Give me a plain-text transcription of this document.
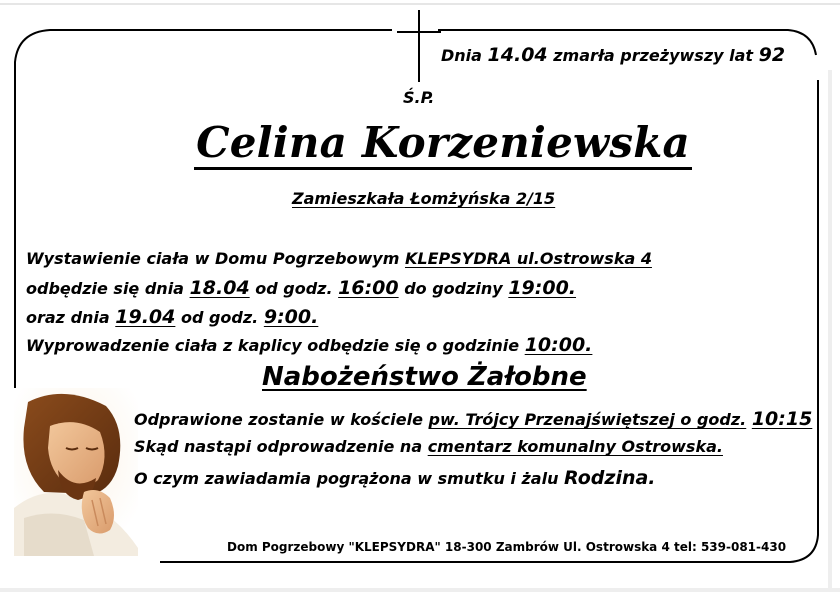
Dnia 14.04 zmarła przeżywszy lat 92
Ś.P.
Celina Korzeniewska
Zamieszkała Łomżyńska 2/15
Wystawienie ciała w Domu Pogrzebowym KLEPSYDRA ul.Ostrowska 4
odbędzie się dnia 18.04 od godz. 16:00 do godziny 19:00.
oraz dnia 19.04 od godz. 9:00.
Wyprowadzenie ciała z kaplicy odbędzie się o godzinie 10:00.
Nabożeństwo Żałobne
Odprawione zostanie w kościele pw. Trójcy Przenajświętszej o godz. 10:15
Skąd nastąpi odprowadzenie na cmentarz komunalny Ostrowska.
O czym zawiadamia pogrążona w smutku i żalu Rodzina.
Dom Pogrzebowy "KLEPSYDRA" 18-300 Zambrów Ul. Ostrowska 4 tel: 539-081-430
